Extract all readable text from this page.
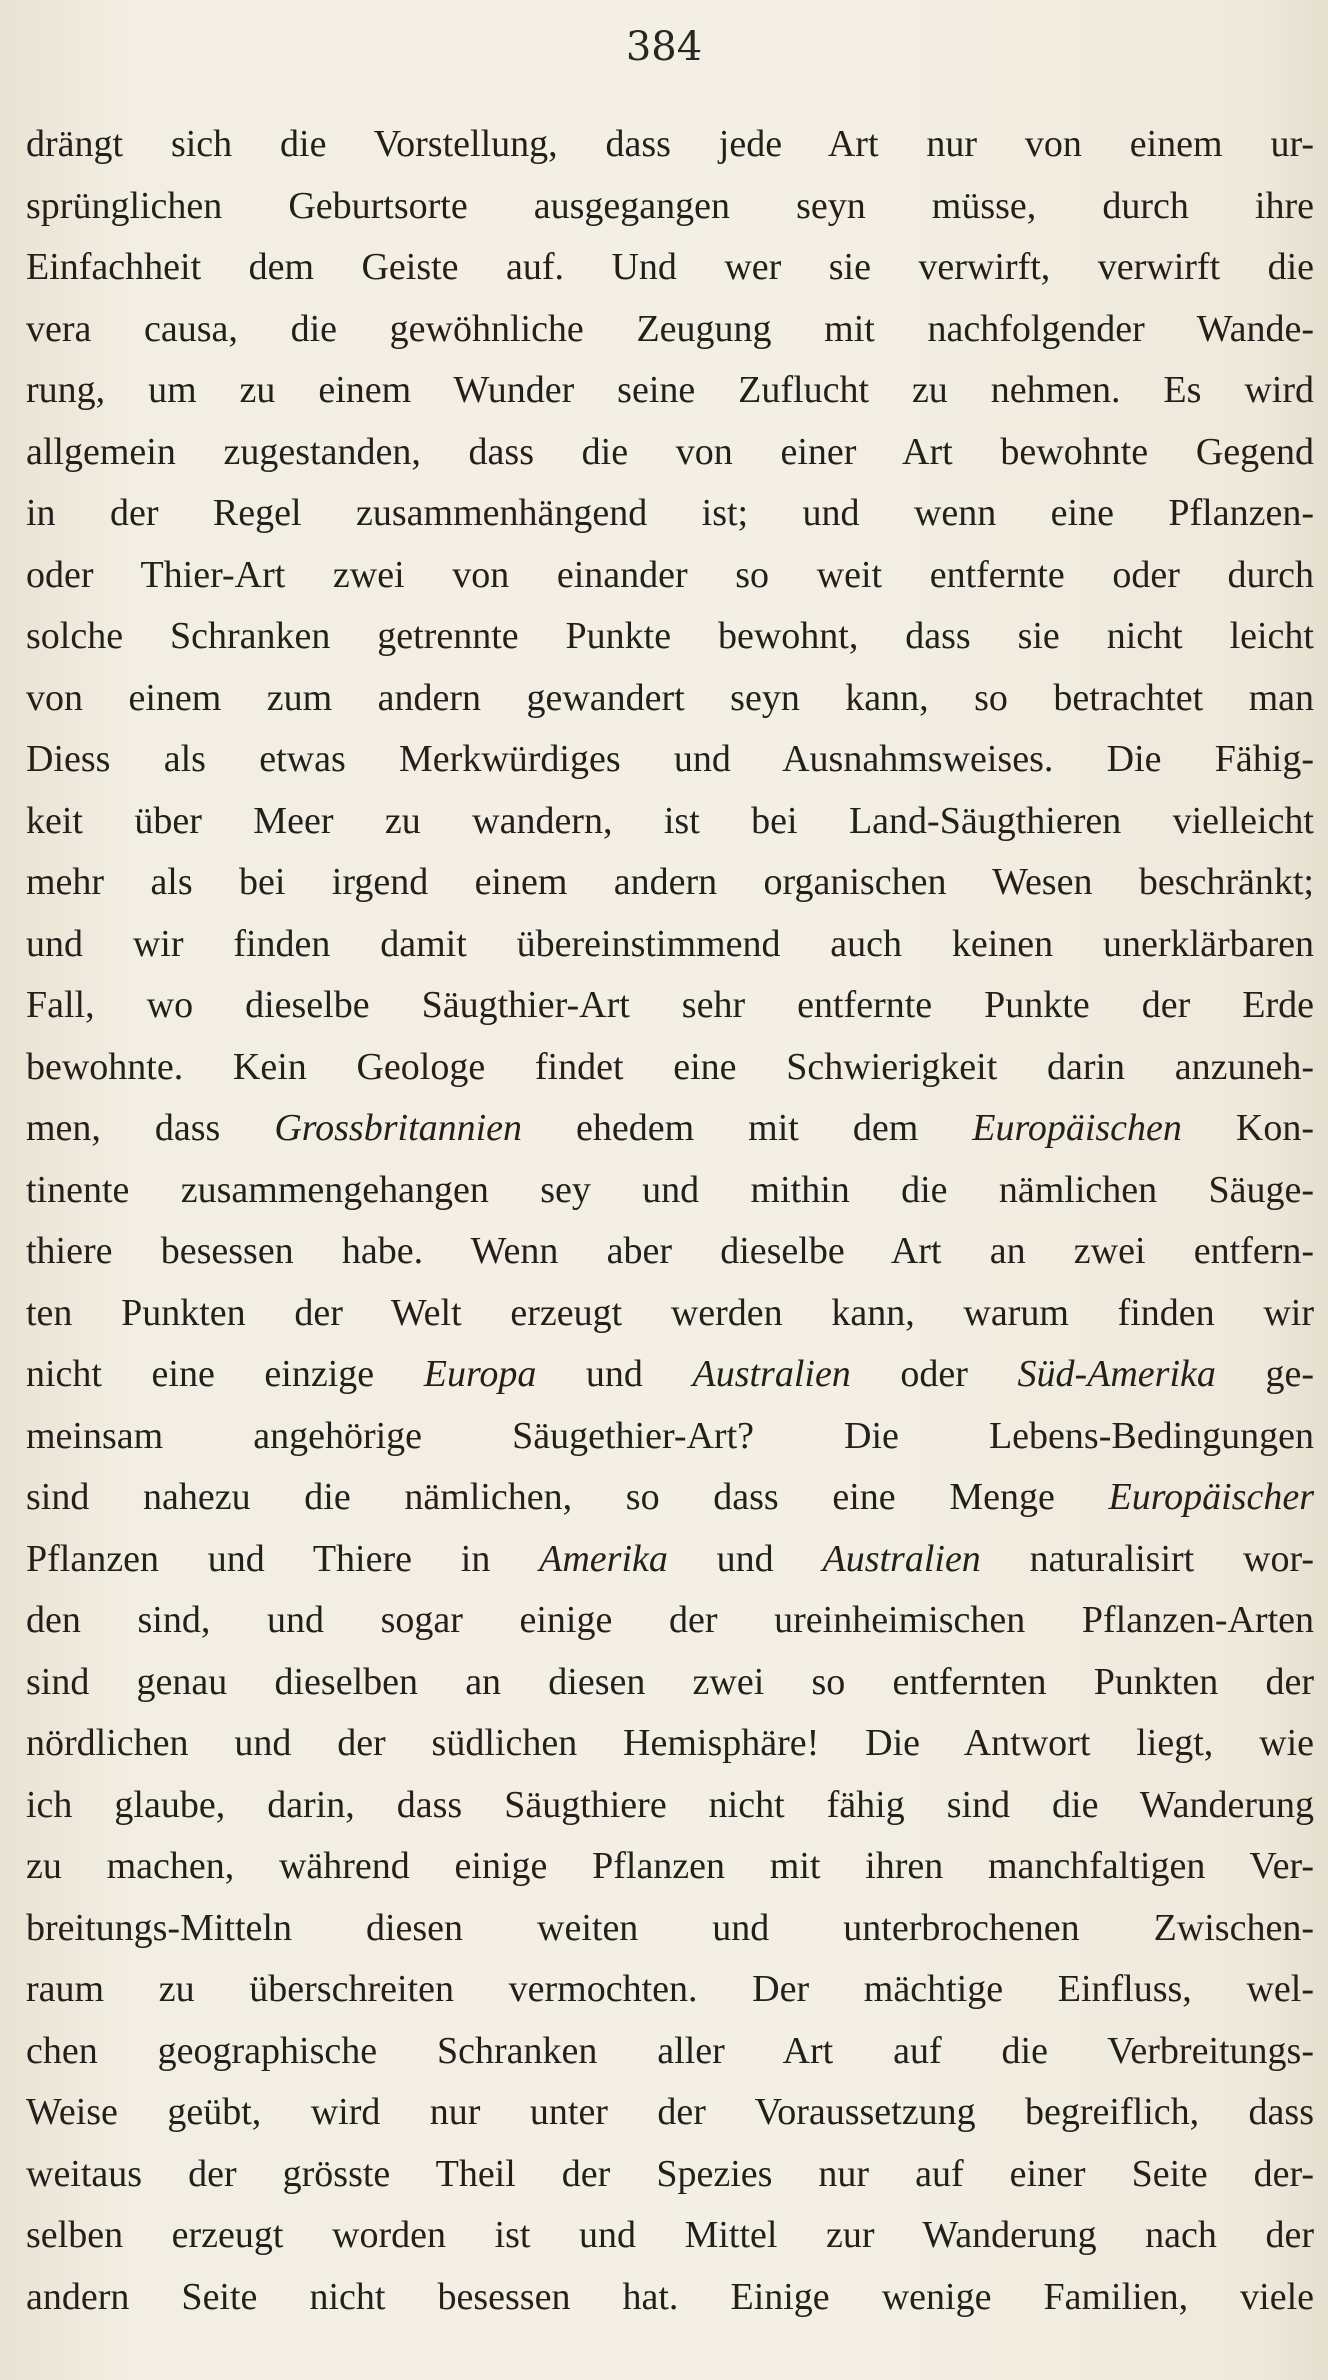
384
drängt sich die Vorstellung, dass jede Art nur von einem ur-
sprünglichen Geburtsorte ausgegangen seyn müsse, durch ihre
Einfachheit dem Geiste auf. Und wer sie verwirft, verwirft die
vera causa, die gewöhnliche Zeugung mit nachfolgender Wande-
rung, um zu einem Wunder seine Zuflucht zu nehmen. Es wird
allgemein zugestanden, dass die von einer Art bewohnte Gegend
in der Regel zusammenhängend ist; und wenn eine Pflanzen-
oder Thier-Art zwei von einander so weit entfernte oder durch
solche Schranken getrennte Punkte bewohnt, dass sie nicht leicht
von einem zum andern gewandert seyn kann, so betrachtet man
Diess als etwas Merkwürdiges und Ausnahmsweises. Die Fähig-
keit über Meer zu wandern, ist bei Land-Säugthieren vielleicht
mehr als bei irgend einem andern organischen Wesen beschränkt;
und wir finden damit übereinstimmend auch keinen unerklärbaren
Fall, wo dieselbe Säugthier-Art sehr entfernte Punkte der Erde
bewohnte. Kein Geologe findet eine Schwierigkeit darin anzuneh-
men, dass Grossbritannien ehedem mit dem Europäischen Kon-
tinente zusammengehangen sey und mithin die nämlichen Säuge-
thiere besessen habe. Wenn aber dieselbe Art an zwei entfern-
ten Punkten der Welt erzeugt werden kann, warum finden wir
nicht eine einzige Europa und Australien oder Süd-Amerika ge-
meinsam angehörige Säugethier-Art? Die Lebens-Bedingungen
sind nahezu die nämlichen, so dass eine Menge Europäischer
Pflanzen und Thiere in Amerika und Australien naturalisirt wor-
den sind, und sogar einige der ureinheimischen Pflanzen-Arten
sind genau dieselben an diesen zwei so entfernten Punkten der
nördlichen und der südlichen Hemisphäre! Die Antwort liegt, wie
ich glaube, darin, dass Säugthiere nicht fähig sind die Wanderung
zu machen, während einige Pflanzen mit ihren manchfaltigen Ver-
breitungs-Mitteln diesen weiten und unterbrochenen Zwischen-
raum zu überschreiten vermochten. Der mächtige Einfluss, wel-
chen geographische Schranken aller Art auf die Verbreitungs-
Weise geübt, wird nur unter der Voraussetzung begreiflich, dass
weitaus der grösste Theil der Spezies nur auf einer Seite der-
selben erzeugt worden ist und Mittel zur Wanderung nach der
andern Seite nicht besessen hat. Einige wenige Familien, viele
